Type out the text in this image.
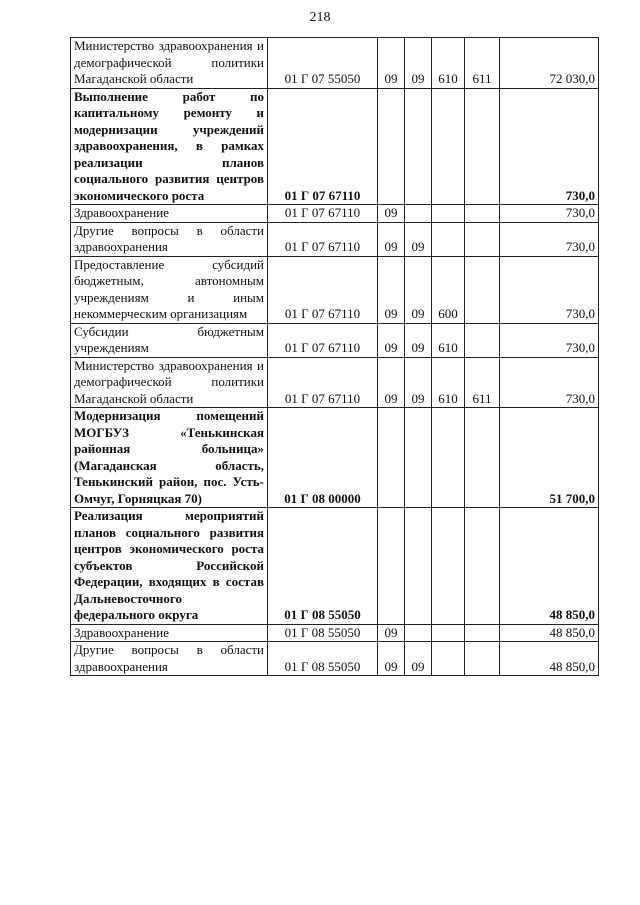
218
Министерство здравоохранения и демографической политики Магаданской области	01 Г 07 55050	09	09	610	611	72 030,0
Выполнение работ по капитальному ремонту и модернизации учреждений здравоохранения, в рамках реализации планов социального развития центров экономического роста	01 Г 07 67110					730,0
Здравоохранение	01 Г 07 67110	09				730,0
Другие вопросы в области здравоохранения	01 Г 07 67110	09	09			730,0
Предоставление субсидий бюджетным, автономным учреждениям и иным некоммерческим организациям	01 Г 07 67110	09	09	600		730,0
Субсидии бюджетным учреждениям	01 Г 07 67110	09	09	610		730,0
Министерство здравоохранения и демографической политики Магаданской области	01 Г 07 67110	09	09	610	611	730,0
Модернизация помещений МОГБУЗ «Тенькинская районная больница» (Магаданская область, Тенькинский район, пос. Усть-Омчуг, Горняцкая 70)	01 Г 08 00000					51 700,0
Реализация мероприятий планов социального развития центров экономического роста субъектов Российской Федерации, входящих в состав Дальневосточного федерального округа	01 Г 08 55050					48 850,0
Здравоохранение	01 Г 08 55050	09				48 850,0
Другие вопросы в области здравоохранения	01 Г 08 55050	09	09			48 850,0
